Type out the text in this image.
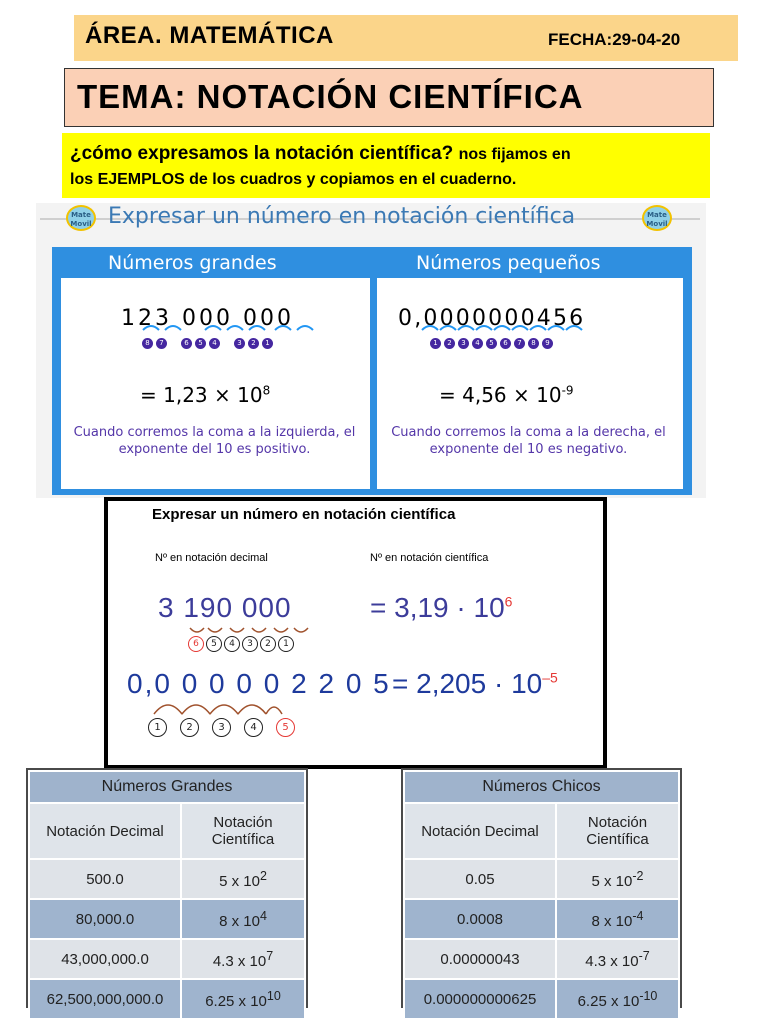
ÁREA. MATEMÁTICA	FECHA:29-04-20
TEMA: NOTACIÓN CIENTÍFICA
¿cómo expresamos la notación científica? nos fijamos en
los EJEMPLOS de los cuadros y copiamos en el cuaderno.
Mate Movil
Mate Movil
Expresar un número en notación científica
Números grandes	Números pequeños
123 000 000
8	7	6	5	4	3	2	1
0,0000000456
1	2	3	4	5	6	7	8	9
= $1,23 \times 10^8$	= $4,56 \times 10^{-9}$
Cuando corremos la coma a la izquierda, el exponente del 10 es positivo.
Cuando corremos la coma a la derecha, el exponente del 10 es negativo.
Expresar un número en notación científica
Nº en notación decimal	Nº en notación científica
3 190 000	= $3,19 \cdot 10^6$
6	5	4	3	2	1
0,0 0 0 0 0 2 2 0 $5 = 2,205 \cdot 10^{-5}$
1	2	3	4	5
Números Grandes	
Notación Decimal	Notación Científica
500.0	5 x $10^2$
80,000.0	8 x $10^4$
43,000,000.0	4.3 x $10^7$
62,500,000,000.0	6.25 x $10^{10}$
Números Chicos	
Notación Decimal	Notación Científica
0.05	5 x $10^{-2}$
0.0008	8 x $10^{-4}$
0.00000043	4.3 x $10^{-7}$
0.000000000625	6.25 x $10^{-10}$
